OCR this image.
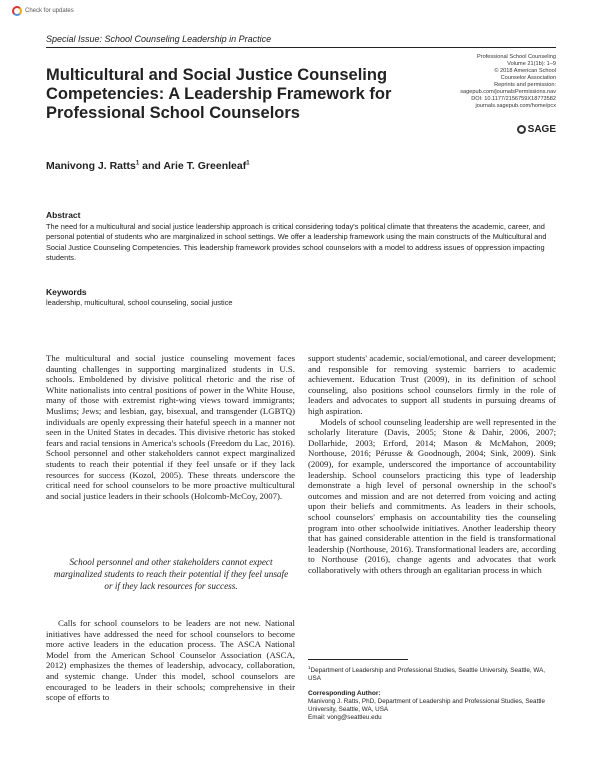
Check for updates
Special Issue: School Counseling Leadership in Practice
Professional School Counseling
Volume 21(1b): 1–9
© 2018 American School
Counselor Association
Reprints and permission:
sagepub.com/journalsPermissions.nav
DOI: 10.1177/2156759X18773582
journals.sagepub.com/home/pcx
SAGE
Multicultural and Social Justice Counseling Competencies: A Leadership Framework for Professional School Counselors
Manivong J. Ratts$^1$ and Arie T. Greenleaf$^1$
Abstract
The need for a multicultural and social justice leadership approach is critical considering today's political climate that threatens the academic, career, and personal potential of students who are marginalized in school settings. We offer a leadership framework using the main constructs of the Multicultural and Social Justice Counseling Competencies. This leadership framework provides school counselors with a model to address issues of oppression impacting students.
Keywords
leadership, multicultural, school counseling, social justice

The multicultural and social justice counseling movement faces daunting challenges in supporting marginalized students in U.S. schools. Emboldened by divisive political rhetoric and the rise of White nationalists into central positions of power in the White House, many of those with extremist right-wing views toward immigrants; Muslims; Jews; and lesbian, gay, bisexual, and transgender (LGBTQ) individuals are openly expressing their hateful speech in a manner not seen in the United States in decades. This divisive rhetoric has stoked fears and racial tensions in America's schools (Freedom du Lac, 2016). School personnel and other stakeholders cannot expect marginalized students to reach their potential if they feel unsafe or if they lack resources for success (Kozol, 2005). These threats underscore the critical need for school counselors to be more proactive multicultural and social justice leaders in their schools (Holcomb-McCoy, 2007).

School personnel and other stakeholders cannot expect marginalized students to reach their potential if they feel unsafe or if they lack resources for success.

Calls for school counselors to be leaders are not new. National initiatives have addressed the need for school counselors to become more active leaders in the education process. The ASCA National Model from the American School Counselor Association (ASCA, 2012) emphasizes the themes of leadership, advocacy, collaboration, and systemic change. Under this model, school counselors are encouraged to be leaders in their schools; comprehensive in their scope of efforts to

support students' academic, social/emotional, and career development; and responsible for removing systemic barriers to academic achievement. Education Trust (2009), in its definition of school counseling, also positions school counselors firmly in the role of leaders and advocates to support all students in pursuing dreams of high aspiration.

Models of school counseling leadership are well represented in the scholarly literature (Davis, 2005; Stone & Dahir, 2006, 2007; Dollarhide, 2003; Erford, 2014; Mason & McMahon, 2009; Northouse, 2016; Pérusse & Goodnough, 2004; Sink, 2009). Sink (2009), for example, underscored the importance of accountability leadership. School counselors practicing this type of leadership demonstrate a high level of personal ownership in the school's outcomes and mission and are not deterred from voicing and acting upon their beliefs and commitments. As leaders in their schools, school counselors' emphasis on accountability ties the counseling program into other schoolwide initiatives. Another leadership theory that has gained considerable attention in the field is transformational leadership (Northouse, 2016). Transformational leaders are, according to Northouse (2016), change agents and advocates that work collaboratively with others through an egalitarian process in which

$^1$Department of Leadership and Professional Studies, Seattle University, Seattle, WA, USA
Corresponding Author:
Manivong J. Ratts, PhD, Department of Leadership and Professional Studies, Seattle University, Seattle, WA, USA
Email: vong@seattleu.edu
